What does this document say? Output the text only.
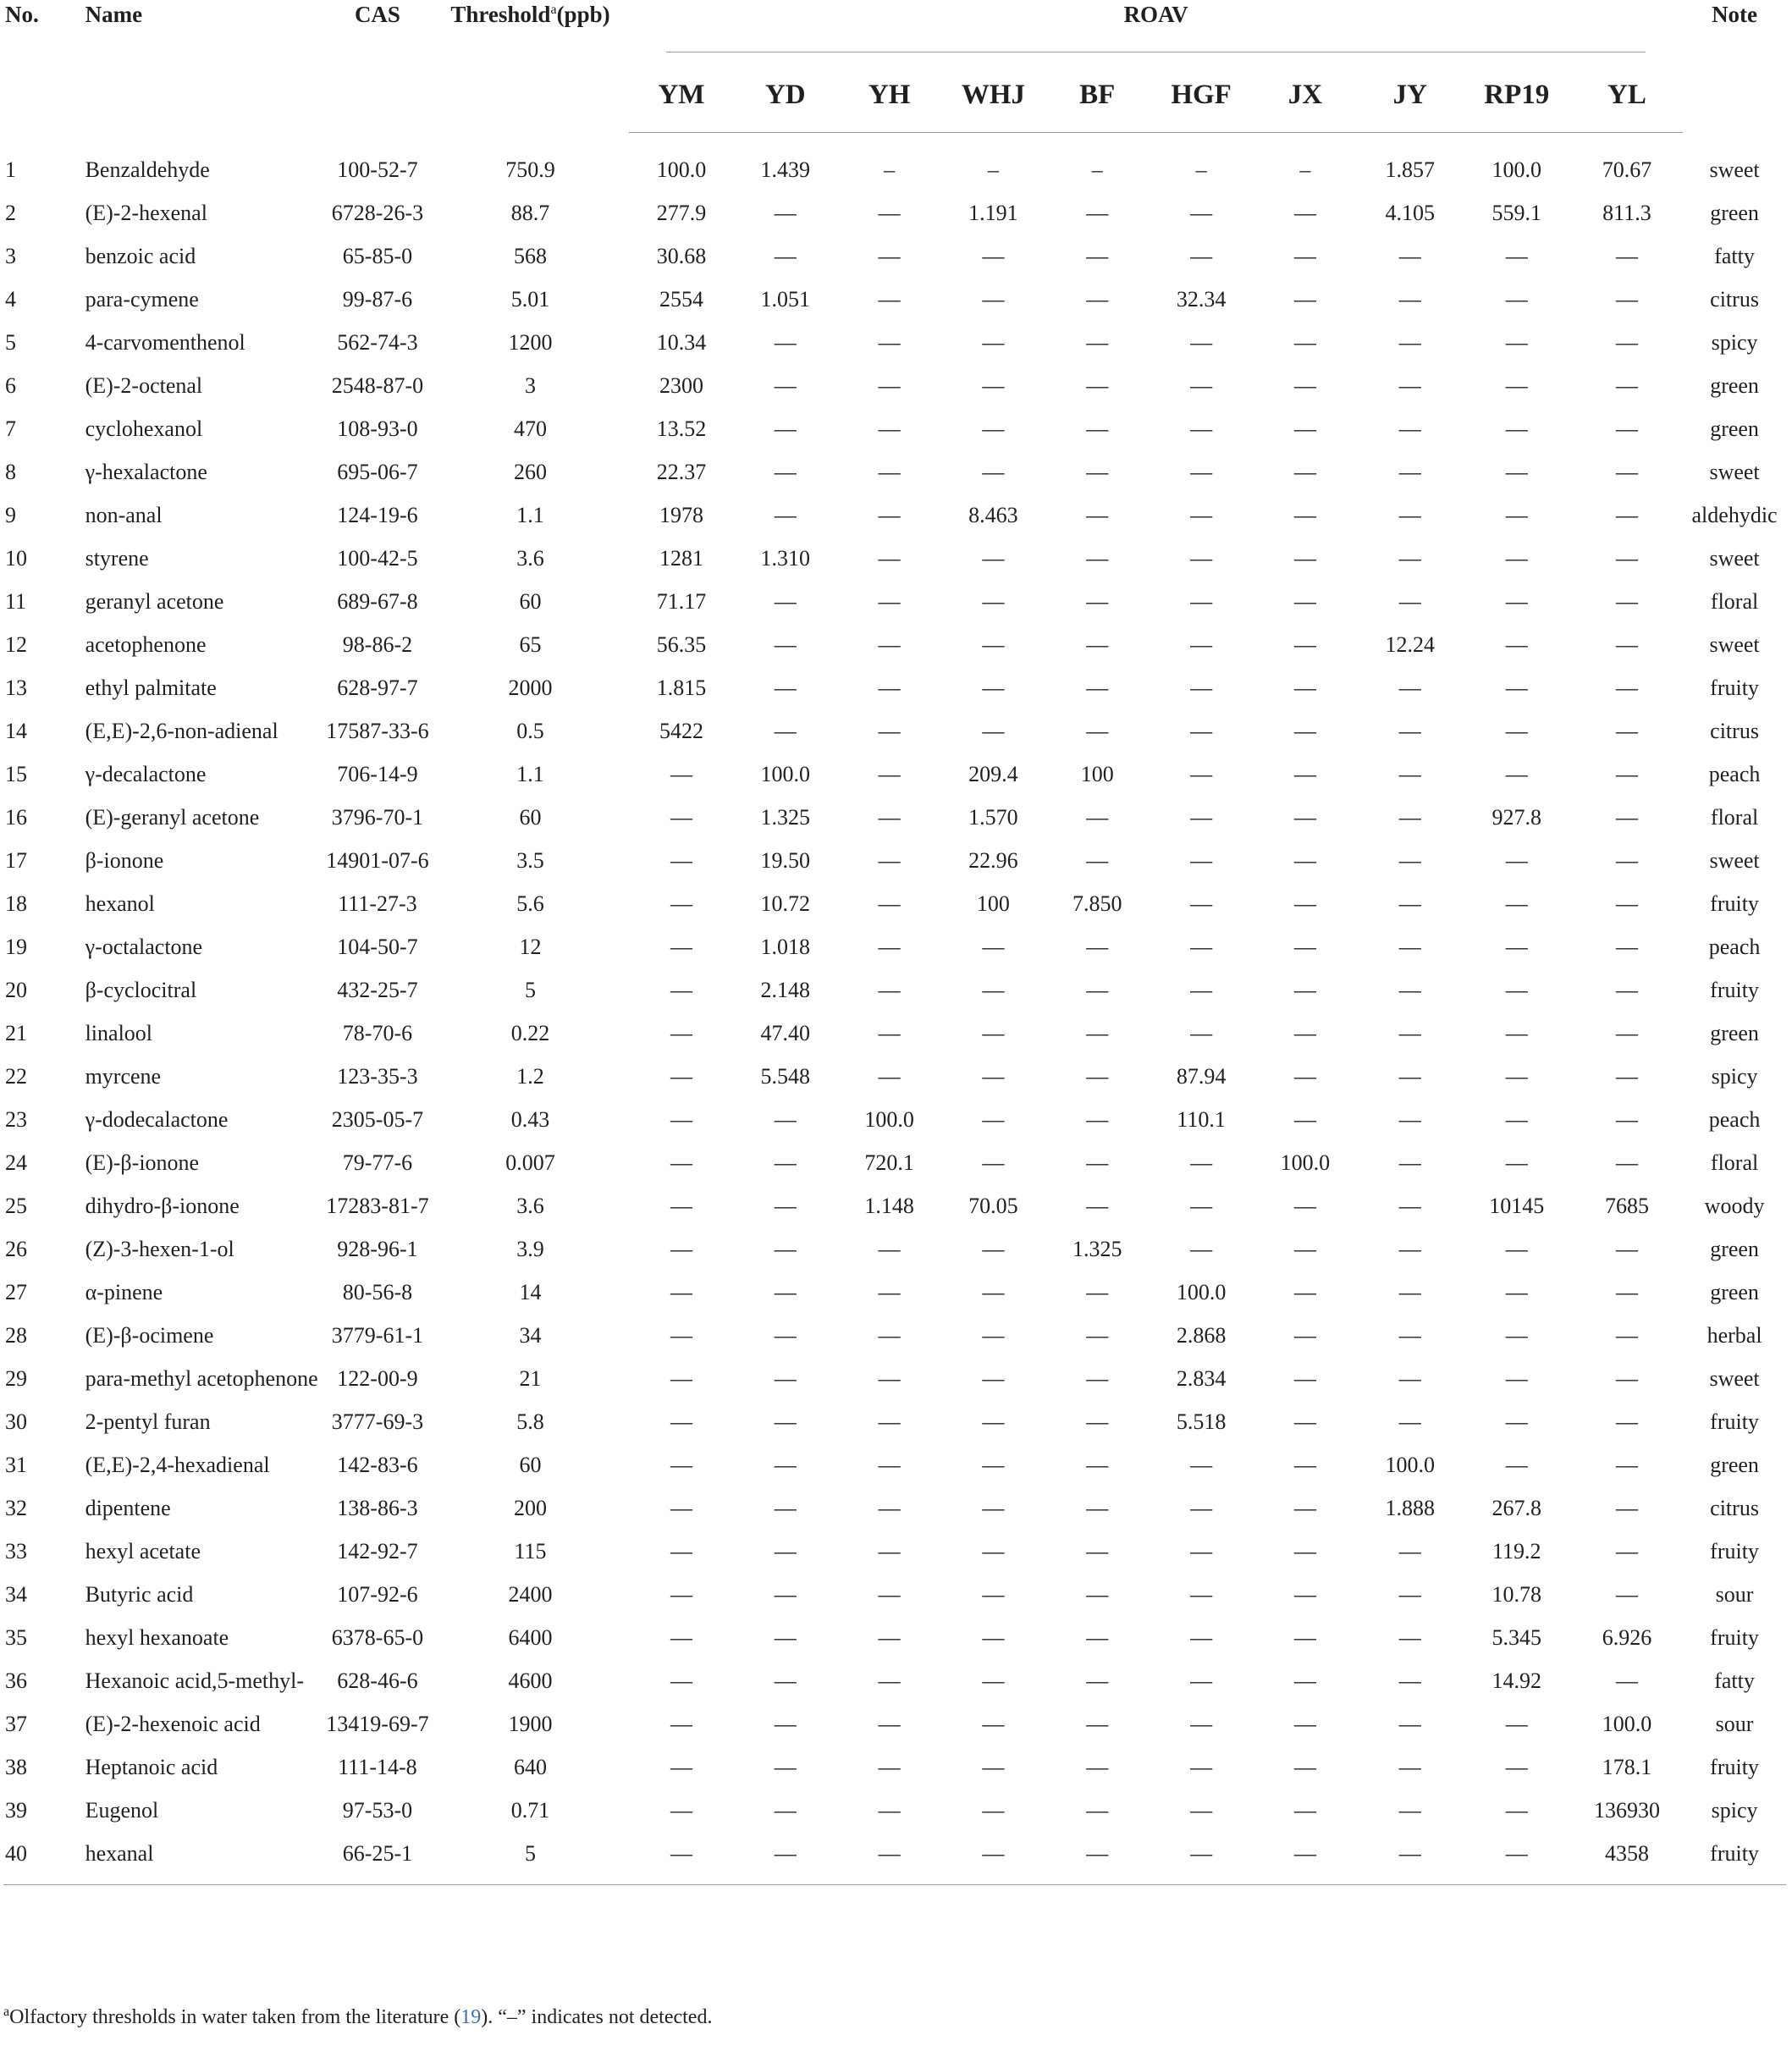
No.	Name	CAS	Threshold$^a$(ppb)	ROAV										Note
				YM	YD	YH	WHJ	BF	HGF	JX	JY	RP19	YL	
1	Benzaldehyde	100-52-7	750.9	100.0	1.439	–	–	–	–	–	1.857	100.0	70.67	sweet
2	(E)-2-hexenal	6728-26-3	88.7	277.9	—	—	1.191	—	—	—	4.105	559.1	811.3	green
3	benzoic acid	65-85-0	568	30.68	—	—	—	—	—	—	—	—	—	fatty
4	para-cymene	99-87-6	5.01	2554	1.051	—	—	—	32.34	—	—	—	—	citrus
5	4-carvomenthenol	562-74-3	1200	10.34	—	—	—	—	—	—	—	—	—	spicy
6	(E)-2-octenal	2548-87-0	3	2300	—	—	—	—	—	—	—	—	—	green
7	cyclohexanol	108-93-0	470	13.52	—	—	—	—	—	—	—	—	—	green
8	γ-hexalactone	695-06-7	260	22.37	—	—	—	—	—	—	—	—	—	sweet
9	non-anal	124-19-6	1.1	1978	—	—	8.463	—	—	—	—	—	—	aldehydic
10	styrene	100-42-5	3.6	1281	1.310	—	—	—	—	—	—	—	—	sweet
11	geranyl acetone	689-67-8	60	71.17	—	—	—	—	—	—	—	—	—	floral
12	acetophenone	98-86-2	65	56.35	—	—	—	—	—	—	12.24	—	—	sweet
13	ethyl palmitate	628-97-7	2000	1.815	—	—	—	—	—	—	—	—	—	fruity
14	(E,E)-2,6-non-adienal	17587-33-6	0.5	5422	—	—	—	—	—	—	—	—	—	citrus
15	γ-decalactone	706-14-9	1.1	—	100.0	—	209.4	100	—	—	—	—	—	peach
16	(E)-geranyl acetone	3796-70-1	60	—	1.325	—	1.570	—	—	—	—	927.8	—	floral
17	β-ionone	14901-07-6	3.5	—	19.50	—	22.96	—	—	—	—	—	—	sweet
18	hexanol	111-27-3	5.6	—	10.72	—	100	7.850	—	—	—	—	—	fruity
19	γ-octalactone	104-50-7	12	—	1.018	—	—	—	—	—	—	—	—	peach
20	β-cyclocitral	432-25-7	5	—	2.148	—	—	—	—	—	—	—	—	fruity
21	linalool	78-70-6	0.22	—	47.40	—	—	—	—	—	—	—	—	green
22	myrcene	123-35-3	1.2	—	5.548	—	—	—	87.94	—	—	—	—	spicy
23	γ-dodecalactone	2305-05-7	0.43	—	—	100.0	—	—	110.1	—	—	—	—	peach
24	(E)-β-ionone	79-77-6	0.007	—	—	720.1	—	—	—	100.0	—	—	—	floral
25	dihydro-β-ionone	17283-81-7	3.6	—	—	1.148	70.05	—	—	—	—	10145	7685	woody
26	(Z)-3-hexen-1-ol	928-96-1	3.9	—	—	—	—	1.325	—	—	—	—	—	green
27	α-pinene	80-56-8	14	—	—	—	—	—	100.0	—	—	—	—	green
28	(E)-β-ocimene	3779-61-1	34	—	—	—	—	—	2.868	—	—	—	—	herbal
29	para-methyl acetophenone	122-00-9	21	—	—	—	—	—	2.834	—	—	—	—	sweet
30	2-pentyl furan	3777-69-3	5.8	—	—	—	—	—	5.518	—	—	—	—	fruity
31	(E,E)-2,4-hexadienal	142-83-6	60	—	—	—	—	—	—	—	100.0	—	—	green
32	dipentene	138-86-3	200	—	—	—	—	—	—	—	1.888	267.8	—	citrus
33	hexyl acetate	142-92-7	115	—	—	—	—	—	—	—	—	119.2	—	fruity
34	Butyric acid	107-92-6	2400	—	—	—	—	—	—	—	—	10.78	—	sour
35	hexyl hexanoate	6378-65-0	6400	—	—	—	—	—	—	—	—	5.345	6.926	fruity
36	Hexanoic acid,5-methyl-	628-46-6	4600	—	—	—	—	—	—	—	—	14.92	—	fatty
37	(E)-2-hexenoic acid	13419-69-7	1900	—	—	—	—	—	—	—	—	—	100.0	sour
38	Heptanoic acid	111-14-8	640	—	—	—	—	—	—	—	—	—	178.1	fruity
39	Eugenol	97-53-0	0.71	—	—	—	—	—	—	—	—	—	136930	spicy
40	hexanal	66-25-1	5	—	—	—	—	—	—	—	—	—	4358	fruity
$^a$Olfactory thresholds in water taken from the literature (19). “–” indicates not detected.
